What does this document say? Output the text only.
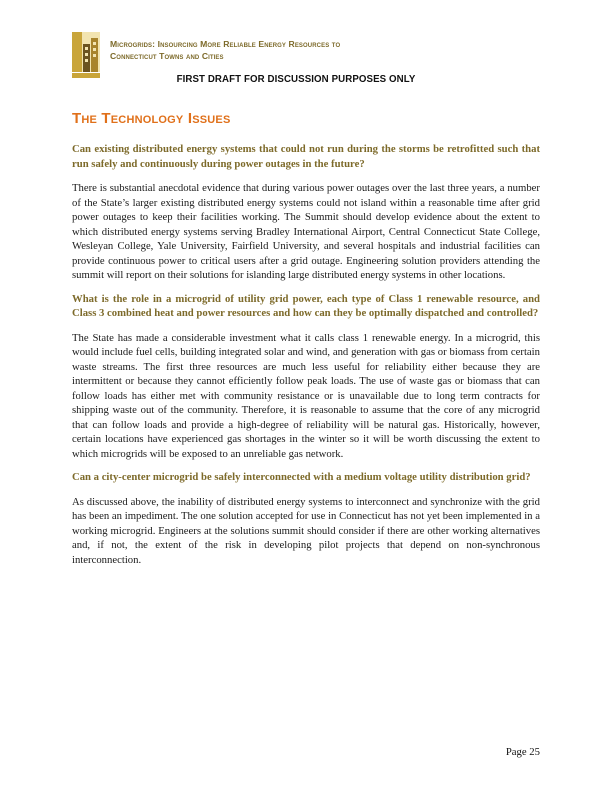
Microgrids: Insourcing More Reliable Energy Resources to
Connecticut Towns and Cities
FIRST DRAFT FOR DISCUSSION PURPOSES ONLY
The Technology Issues

Can existing distributed energy systems that could not run during the storms be retrofitted such that run safely and continuously during power outages in the future?

There is substantial anecdotal evidence that during various power outages over the last three years, a number of the State’s larger existing distributed energy systems could not island within a reasonable time after grid power outages to keep their facilities working. The Summit should develop evidence about the extent to which distributed energy systems serving Bradley International Airport, Central Connecticut State College, Wesleyan College, Yale University, Fairfield University, and several hospitals and industrial facilities can provide continuous power to critical users after a grid outage. Engineering solution providers attending the summit will report on their solutions for islanding large distributed energy systems in other locations.

What is the role in a microgrid of utility grid power, each type of Class 1 renewable resource, and Class 3 combined heat and power resources and how can they be optimally dispatched and controlled?

The State has made a considerable investment what it calls class 1 renewable energy. In a microgrid, this would include fuel cells, building integrated solar and wind, and generation with gas or biomass from certain waste streams. The first three resources are much less useful for reliability either because they are intermittent or because they cannot efficiently follow peak loads. The use of waste gas or biomass that can follow loads has either met with community resistance or is unavailable due to long term contracts for shipping waste out of the community. Therefore, it is reasonable to assume that the core of any microgrid that can follow loads and provide a high-degree of reliability will be natural gas. Historically, however, certain locations have experienced gas shortages in the winter so it will be worth discussing the extent to which microgrids will be exposed to an unreliable gas network.

Can a city-center microgrid be safely interconnected with a medium voltage utility distribution grid?

As discussed above, the inability of distributed energy systems to interconnect and synchronize with the grid has been an impediment. The one solution accepted for use in Connecticut has not yet been implemented in a working microgrid. Engineers at the solutions summit should consider if there are other working alternatives and, if not, the extent of the risk in developing pilot projects that depend on non-synchronous interconnection.

Page 25
